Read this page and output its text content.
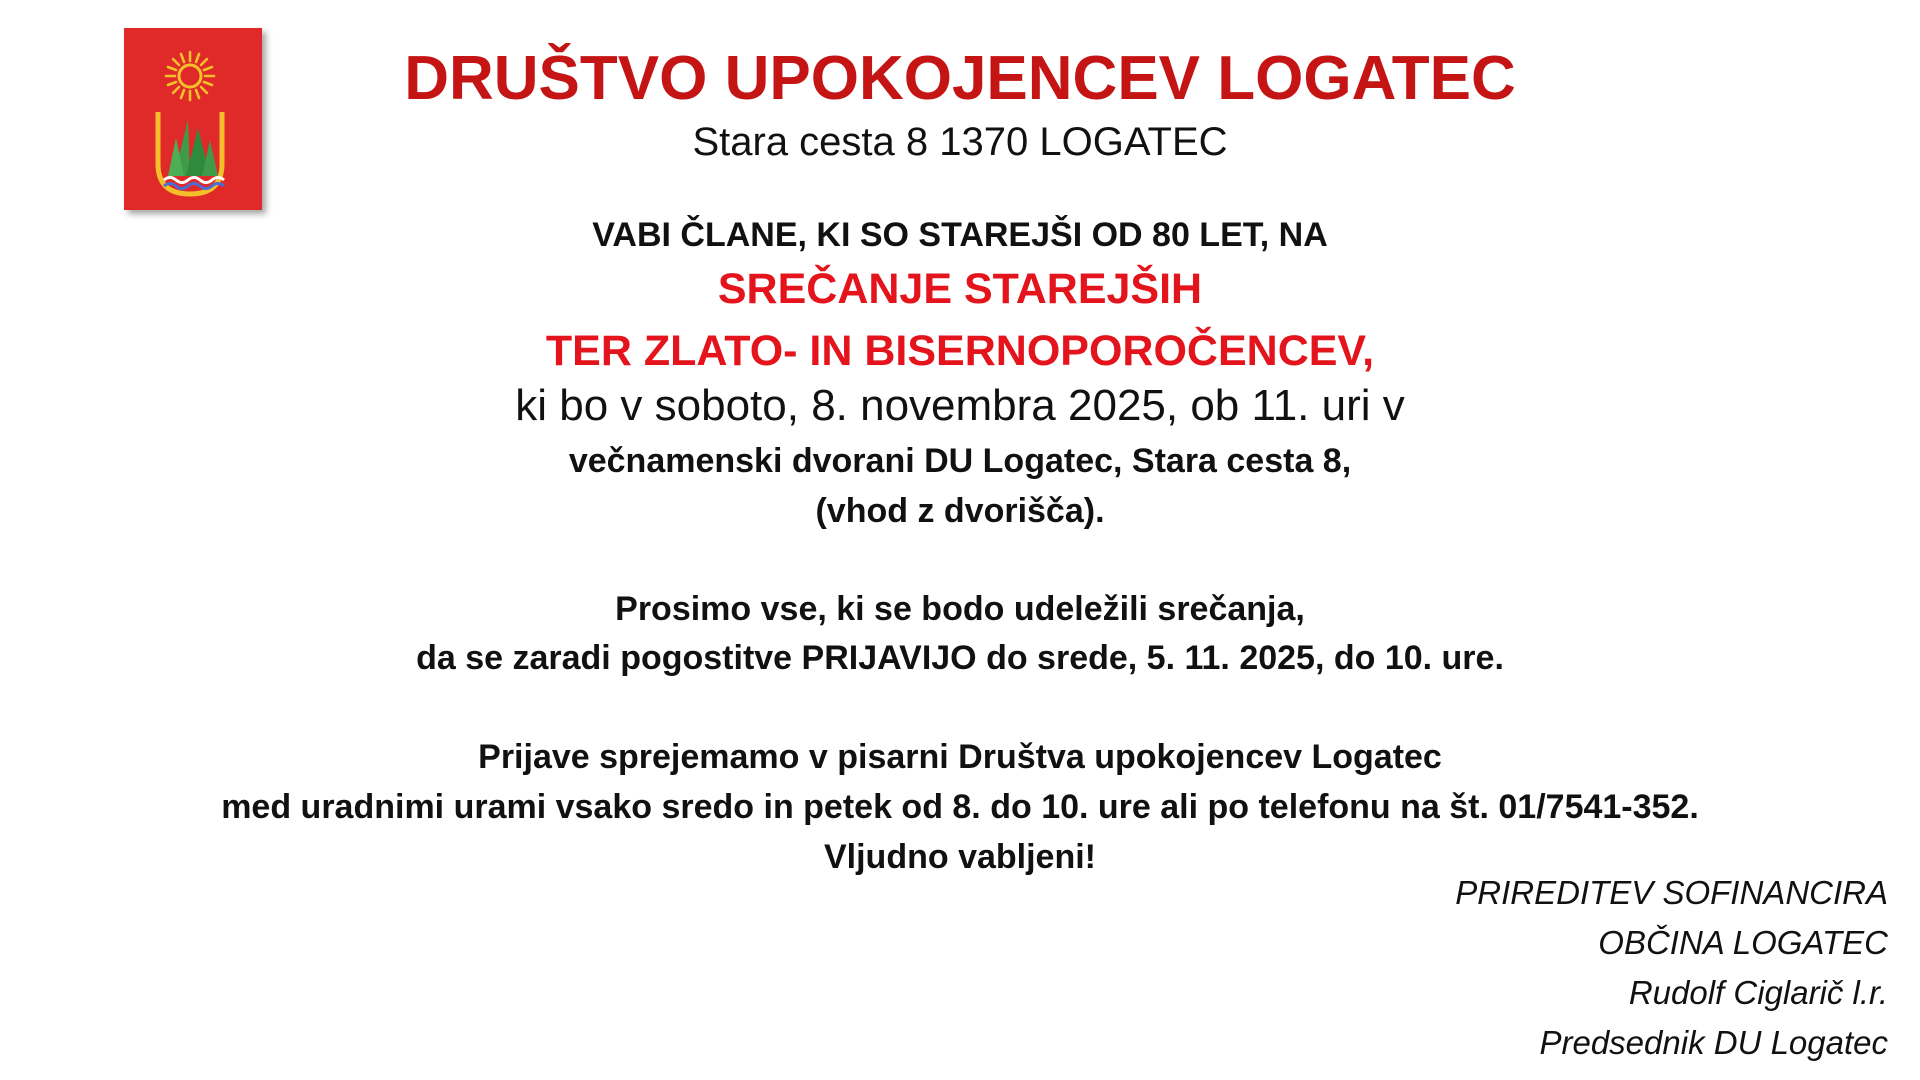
DRUŠTVO UPOKOJENCEV LOGATEC
Stara cesta 8 1370 LOGATEC
VABI ČLANE, KI SO STAREJŠI OD 80 LET, NA
SREČANJE STAREJŠIH
TER ZLATO- IN BISERNOPOROČENCEV,
ki bo v soboto, 8. novembra 2025, ob 11. uri v
večnamenski dvorani DU Logatec, Stara cesta 8,
(vhod z dvorišča).
Prosimo vse, ki se bodo udeležili srečanja,
da se zaradi pogostitve PRIJAVIJO do srede, 5. 11. 2025, do 10. ure.
Prijave sprejemamo v pisarni Društva upokojencev Logatec
med uradnimi urami vsako sredo in petek od 8. do 10. ure ali po telefonu na št. 01/7541-352.
Vljudno vabljeni!
PRIREDITEV SOFINANCIRA
OBČINA LOGATEC
Rudolf Ciglarič l.r.
Predsednik DU Logatec
